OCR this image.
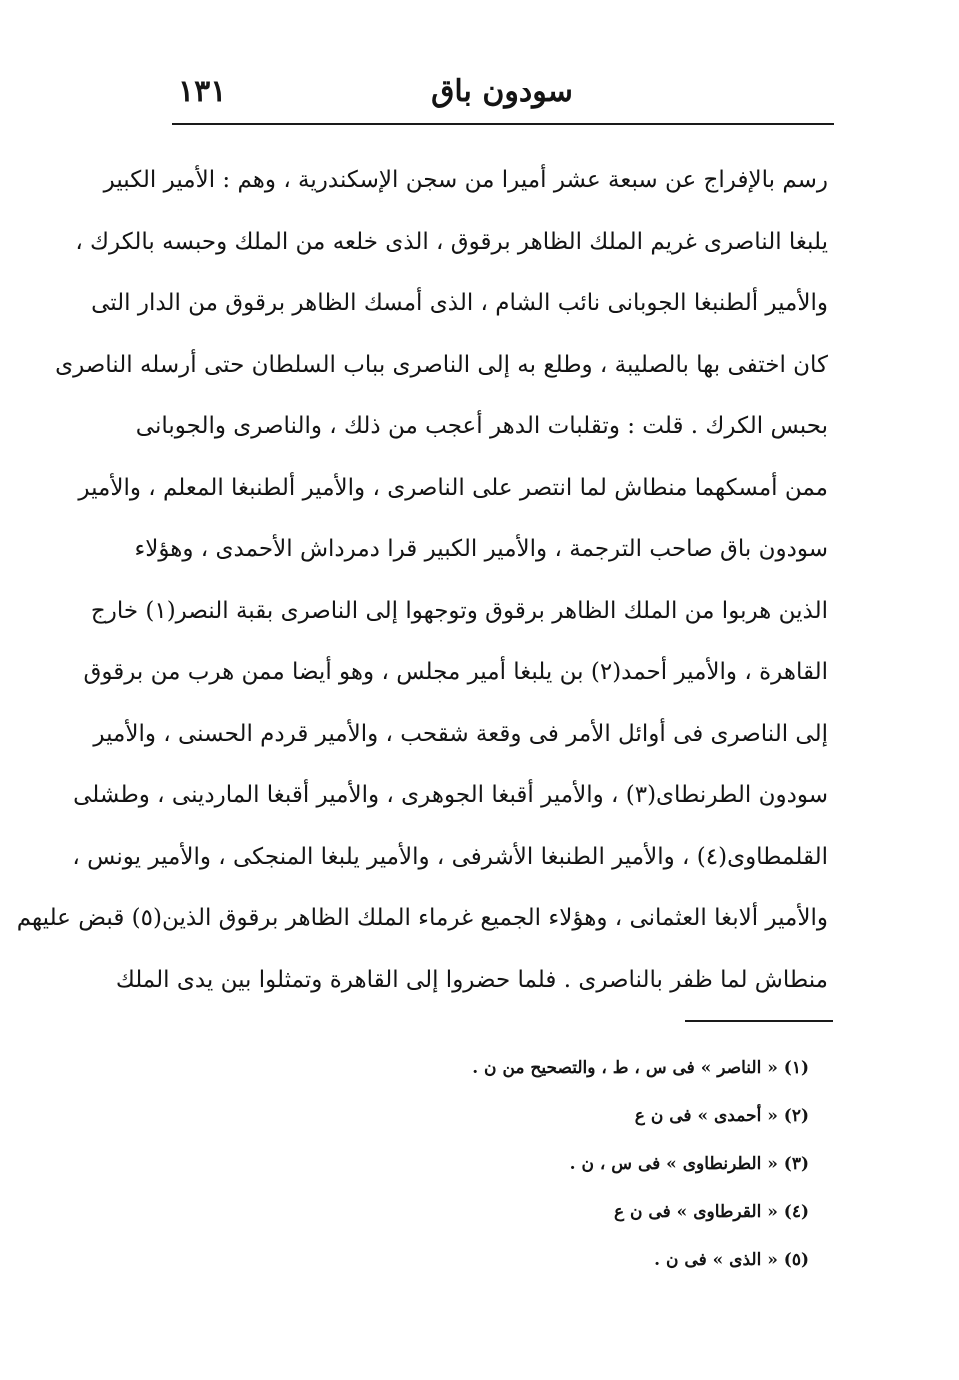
١٣١	سودون باق
رسم بالإفراج عن سبعة عشر أميرا من سجن الإسكندرية ، وهم : الأمير الكبير
يلبغا الناصرى غريم الملك الظاهر برقوق ، الذى خلعه من الملك وحبسه بالكرك ،
والأمير ألطنبغا الجوبانى نائب الشام ، الذى أمسك الظاهر برقوق من الدار التى
كان اختفى بها بالصليبة ، وطلع به إلى الناصرى بباب السلطان حتى أرسله الناصرى
بحبس الكرك . قلت : وتقلبات الدهر أعجب من ذلك ، والناصرى والجوبانى
ممن أمسكهما منطاش لما انتصر على الناصرى ، والأمير ألطنبغا المعلم ، والأمير
سودون باق صاحب الترجمة ، والأمير الكبير قرا دمرداش الأحمدى ، وهؤلاء
الذين هربوا من الملك الظاهر برقوق وتوجهوا إلى الناصرى بقبة النصر(١) خارج
القاهرة ، والأمير أحمد(٢) بن يلبغا أمير مجلس ، وهو أيضا ممن هرب من برقوق
إلى الناصرى فى أوائل الأمر فى وقعة شقحب ، والأمير قردم الحسنى ، والأمير
سودون الطرنطاى(٣) ، والأمير أقبغا الجوهرى ، والأمير أقبغا الماردينى ، وطشلى
القلمطاوى(٤) ، والأمير الطنبغا الأشرفى ، والأمير يلبغا المنجكى ، والأمير يونس ،
والأمير ألابغا العثمانى ، وهؤلاء الجميع غرماء الملك الظاهر برقوق الذين(٥) قبض عليهم
منطاش لما ظفر بالناصرى . فلما حضروا إلى القاهرة وتمثلوا بين يدى الملك
(١) « الناصر » فى س ، ط ، والتصحيح من ن .
(٢) « أحمدى » فى ن ع
(٣) « الطرنطاوى » فى س ، ن .
(٤) « القرطاوى » فى ن ع
(٥) « الذى » فى ن .
